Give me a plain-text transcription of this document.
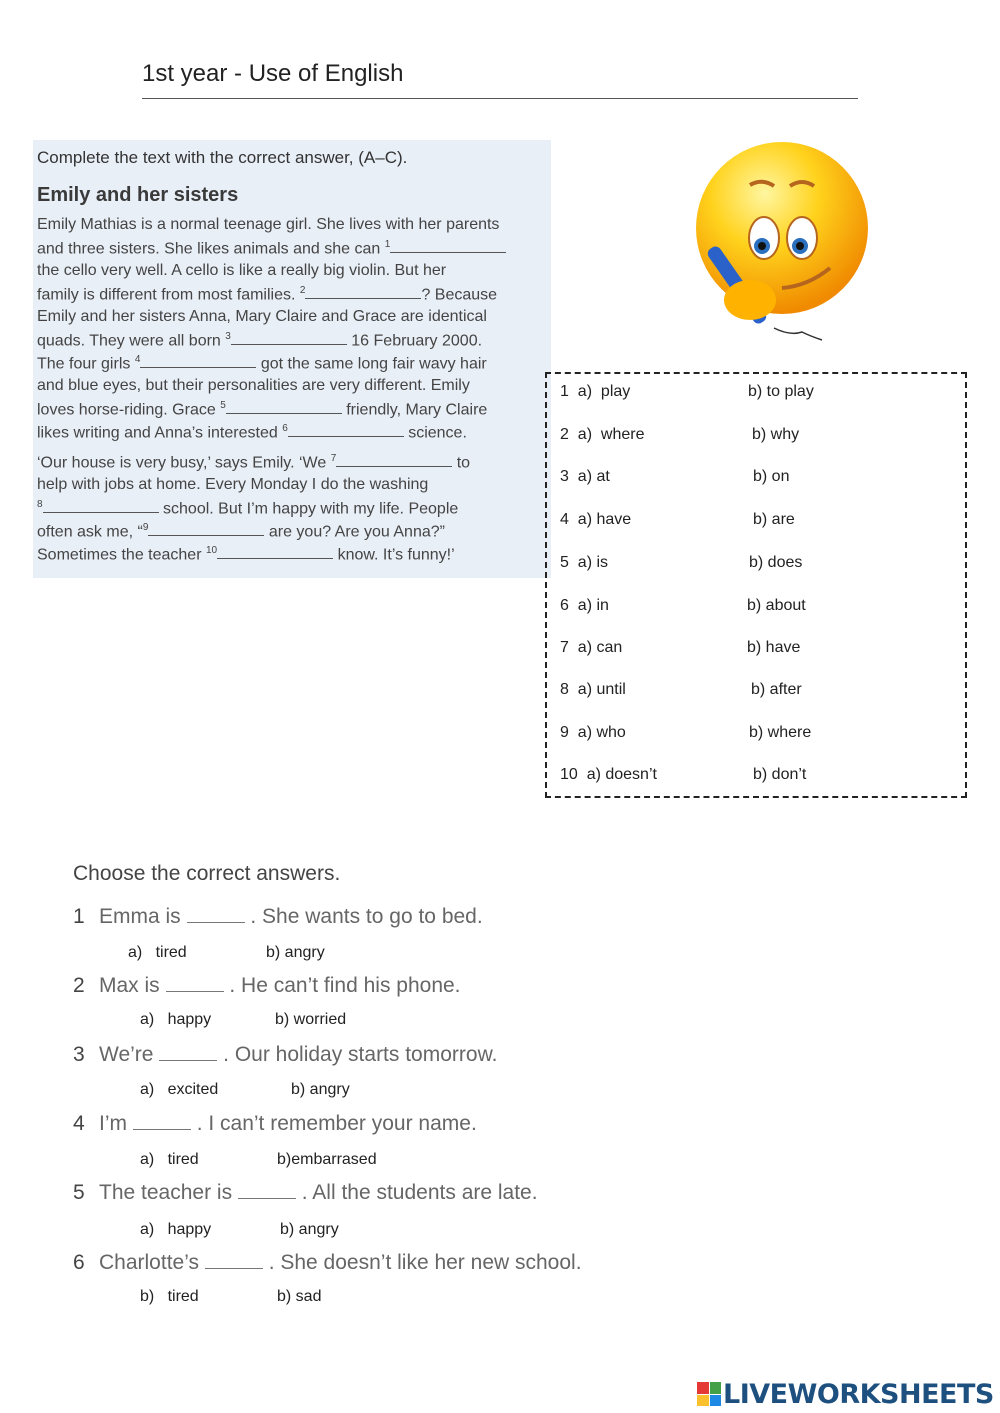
1st year - Use of English
Complete the text with the correct answer, (A–C).
Emily and her sisters
Emily Mathias is a normal teenage girl. She lives with her parents
and three sisters. She likes animals and she can $^1$
the cello very well. A cello is like a really big violin. But her
family is different from most families. $^2$	? Because
Emily and her sisters Anna, Mary Claire and Grace are identical
quads. They were all born $^3$	16 February 2000.
The four girls $^4$	got the same long fair wavy hair
and blue eyes, but their personalities are very different. Emily
loves horse-riding. Grace $^5$	friendly, Mary Claire
likes writing and Anna’s interested $^6$	science.
‘Our house is very busy,’ says Emily. ‘We $^7$	to
help with jobs at home. Every Monday I do the washing
$^8$	school. But I’m happy with my life. People
often ask me, “$^9$	are you? Are you Anna?”
Sometimes the teacher $^{10}$	know. It’s funny!’
1 a)  play	b) to play
2 a)  where	b) why
3 a) at	b) on
4 a) have	b) are
5 a) is	b) does
6 a) in	b) about
7 a) can	b) have
8 a) until	b) after
9 a) who	b) where
10 a) doesn’t	b) don’t
Choose the correct answers.
1 Emma is	. She wants to go to bed.
a) tired	b) angry
2 Max is	. He can’t find his phone.
a) happy	b) worried
3 We’re	. Our holiday starts tomorrow.
a) excited	b) angry
4 I’m	. I can’t remember your name.
a) tired	b)embarrased
5 The teacher is	. All the students are late.
a) happy	b) angry
6 Charlotte’s	. She doesn’t like her new school.
b) tired	b) sad
LIVEWORKSHEETS
